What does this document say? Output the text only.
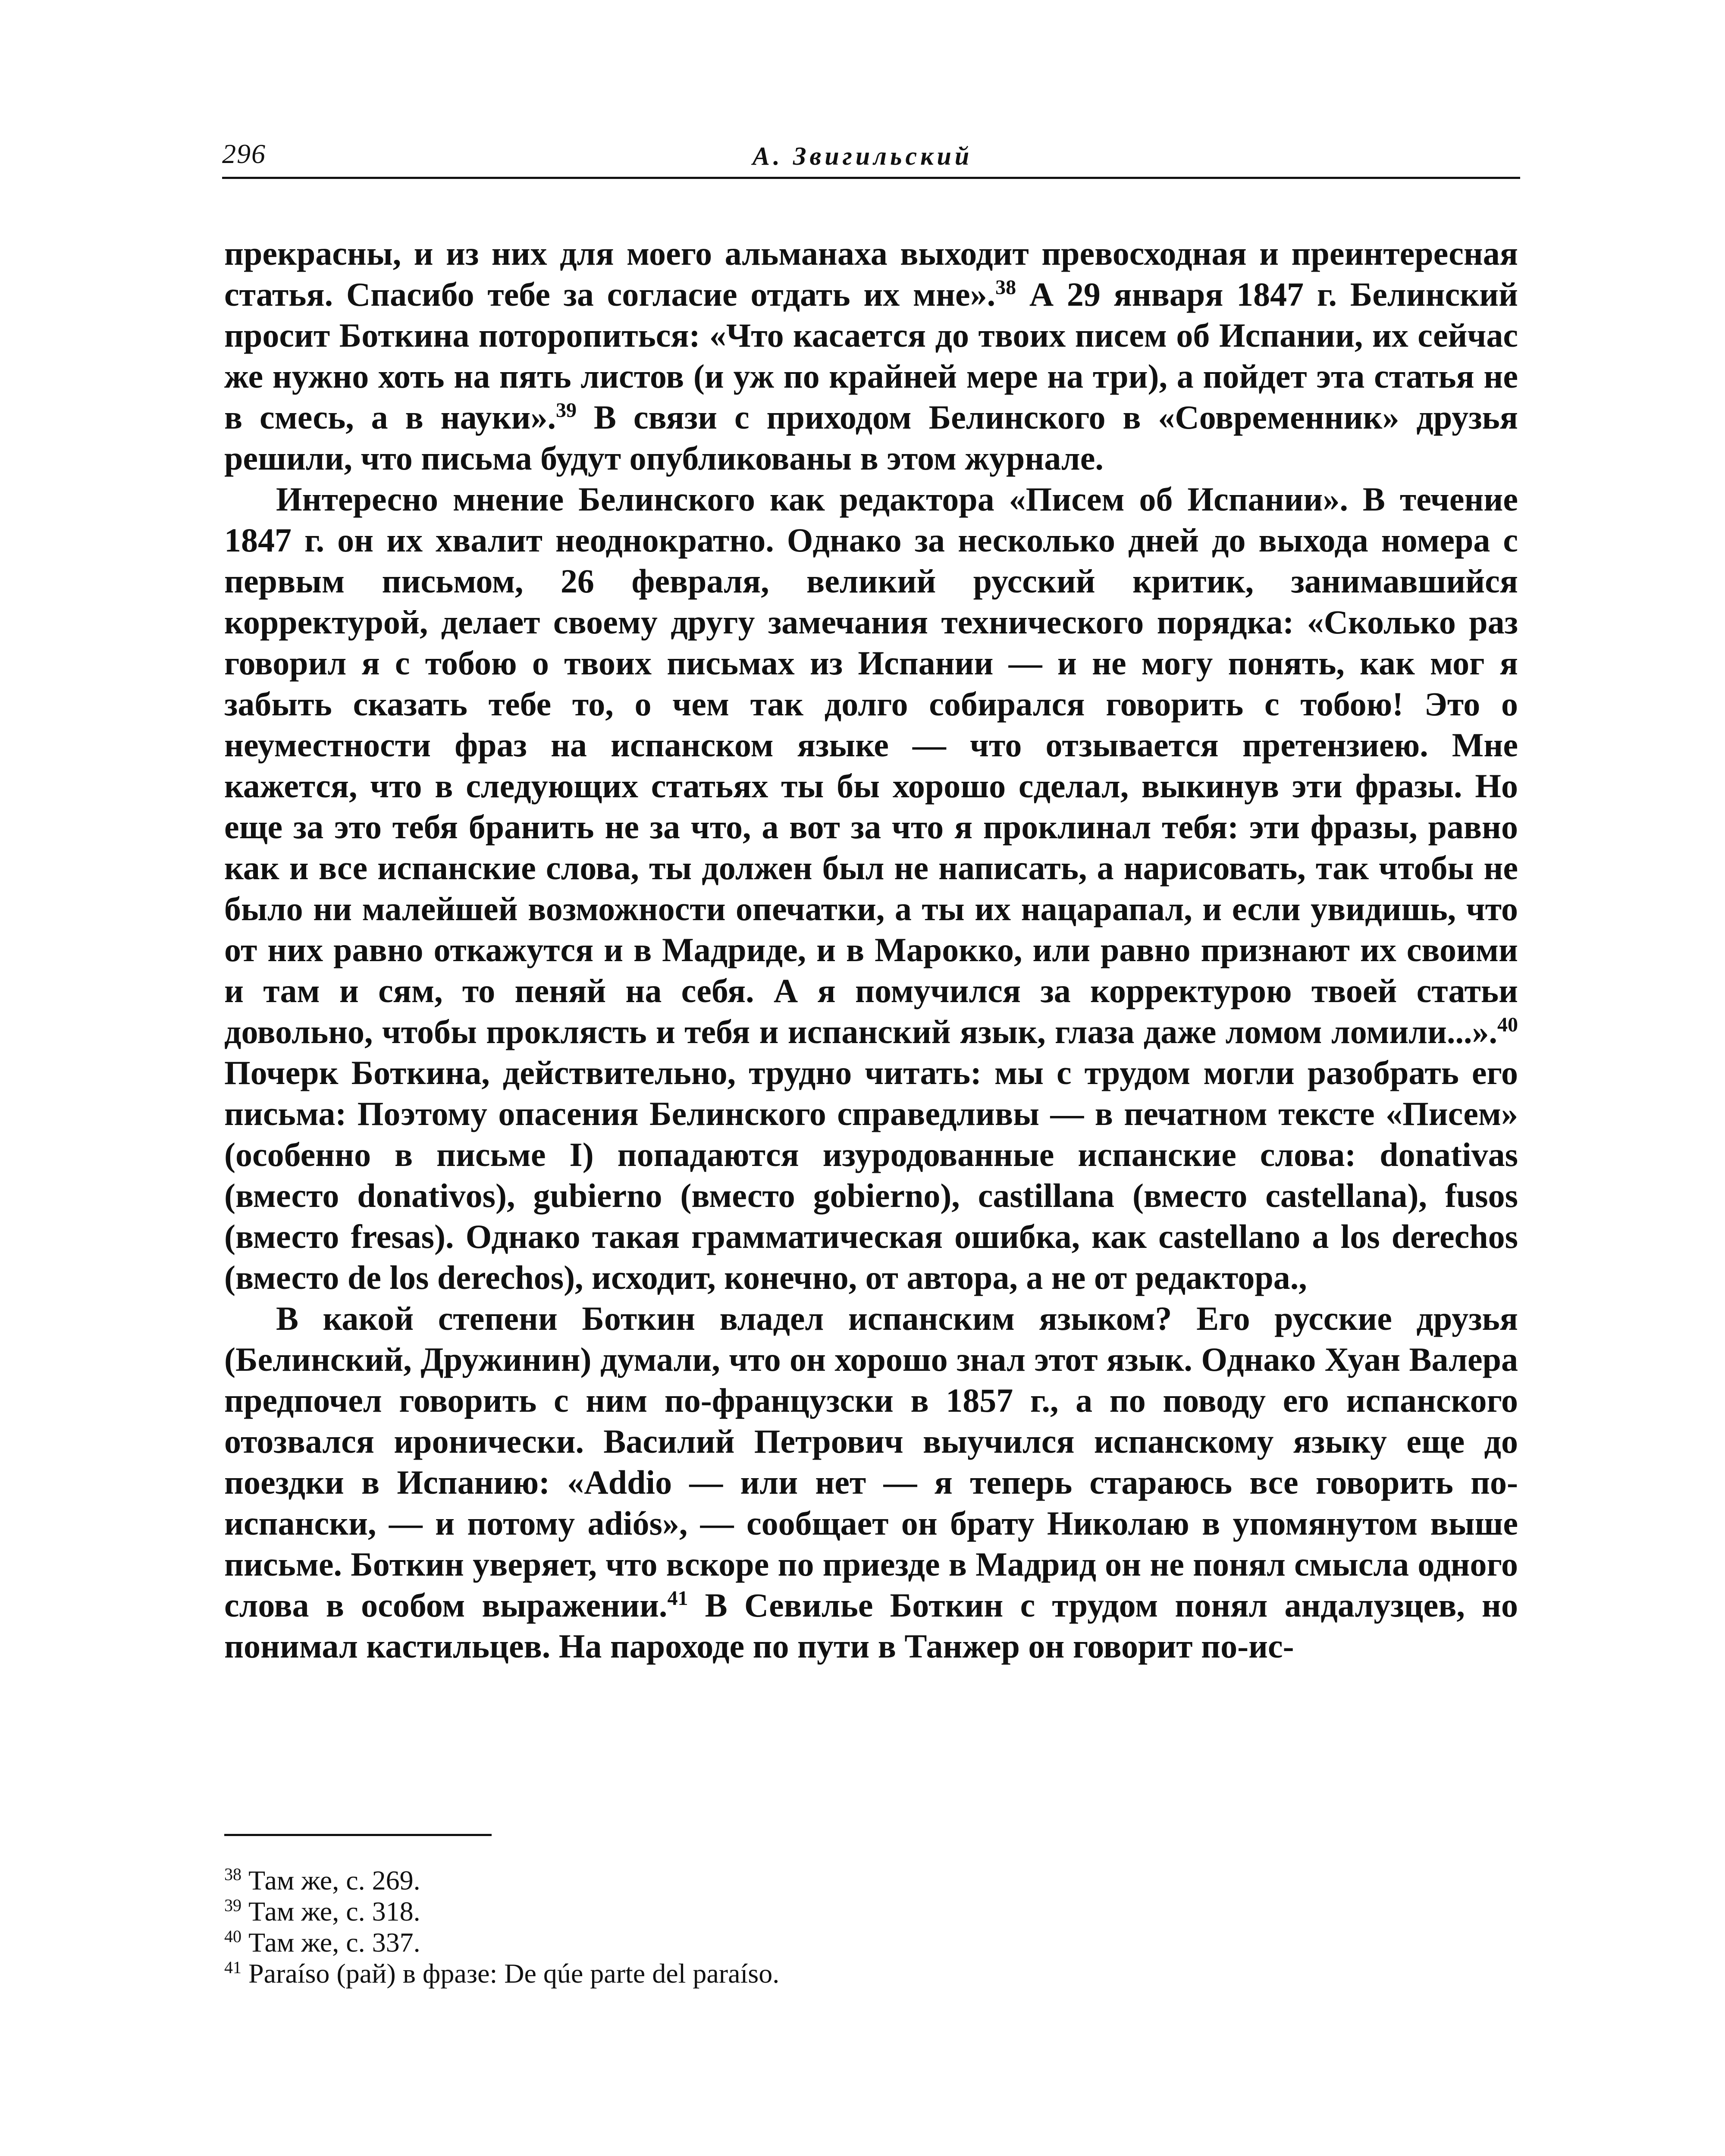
296	А. Звигильский

прекрасны, и из них для моего альманаха выходит превосходная и преинтересная статья. Спасибо тебе за согласие отдать их мне».$^{38}$ А 29 января 1847 г. Белинский просит Боткина поторопиться: «Что касается до твоих писем об Испании, их сейчас же нужно хоть на пять листов (и уж по крайней мере на три), а пойдет эта статья не в смесь, а в науки».$^{39}$ В связи с приходом Белинского в «Современник» друзья решили, что письма будут опубликованы в этом журнале.

Интересно мнение Белинского как редактора «Писем об Испании». В течение 1847 г. он их хвалит неоднократно. Однако за несколько дней до выхода номера с первым письмом, 26 февраля, великий русский критик, занимавшийся корректурой, делает своему другу замечания технического порядка: «Сколько раз говорил я с тобою о твоих письмах из Испании — и не могу понять, как мог я забыть сказать тебе то, о чем так долго собирался говорить с тобою! Это о неуместности фраз на испанском языке — что отзывается претензиею. Мне кажется, что в следующих статьях ты бы хорошо сделал, выкинув эти фразы. Но еще за это тебя бранить не за что, а вот за что я проклинал тебя: эти фразы, равно как и все испанские слова, ты должен был не написать, а нарисовать, так чтобы не было ни малейшей возможности опечатки, а ты их нацарапал, и если увидишь, что от них равно откажутся и в Мадриде, и в Марокко, или равно признают их своими и там и сям, то пеняй на себя. А я помучился за корректурою твоей статьи довольно, чтобы проклясть и тебя и испанский язык, глаза даже ломом ломили...».$^{40}$ Почерк Боткина, действительно, трудно читать: мы с трудом могли разобрать его письма: Поэтому опасения Белинского справедливы — в печатном тексте «Писем» (особенно в письме I) попадаются изуродованные испанские слова: donativas (вместо donativos), gubierno (вместо gobierno), castillana (вместо castellana), fusos (вместо fresas). Однако такая грамматическая ошибка, как castellano a los derechos (вместо de los derechos), исходит, конечно, от автора, а не от редактора.,

В какой степени Боткин владел испанским языком? Его русские друзья (Белинский, Дружинин) думали, что он хорошо знал этот язык. Однако Хуан Валера предпочел говорить с ним по-французски в 1857 г., а по поводу его испанского отозвался иронически. Василий Петрович выучился испанскому языку еще до поездки в Испанию: «Addio — или нет — я теперь стараюсь все говорить по-испански, — и потому adiós», — сообщает он брату Николаю в упомянутом выше письме. Боткин уверяет, что вскоре по приезде в Мадрид он не понял смысла одного слова в особом выражении.$^{41}$ В Севилье Боткин с трудом понял андалузцев, но понимал кастильцев. На пароходе по пути в Танжер он говорит по-ис-

$^{38}$ Там же, с. 269.
$^{39}$ Там же, с. 318.
$^{40}$ Там же, с. 337.
$^{41}$ Paraíso (рай) в фразе: De qúe parte del paraíso.
